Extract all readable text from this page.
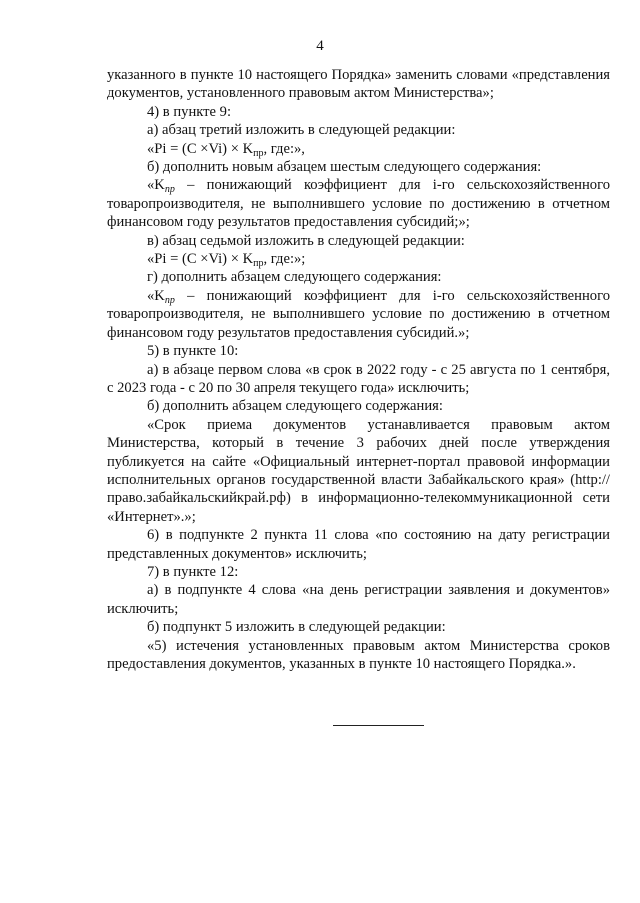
4

указанного в пункте 10 настоящего Порядка» заменить словами «представления документов, установленного правовым актом Министерства»;

4) в пункте 9:

а) абзац третий изложить в следующей редакции:

«$Pi = (C \times Vi) \times K_{пр}$, где:»,

б) дополнить новым абзацем шестым следующего содержания:

«$K_{пр}$ – понижающий коэффициент для i-го сельскохозяйственного товаропроизводителя, не выполнившего условие по достижению в отчетном финансовом году результатов предоставления субсидий;»;

в) абзац седьмой изложить в следующей редакции:

«$Pi = (C \times Vi) \times K_{пр}$, где:»;

г) дополнить абзацем следующего содержания:

«$K_{пр}$ – понижающий коэффициент для i-го сельскохозяйственного товаропроизводителя, не выполнившего условие по достижению в отчетном финансовом году результатов предоставления субсидий.»;

5) в пункте 10:

а) в абзаце первом слова «в срок в 2022 году - с 25 августа по 1 сентября, с 2023 года - с 20 по 30 апреля текущего года» исключить;

б) дополнить абзацем следующего содержания:

«Срок приема документов устанавливается правовым актом Министерства, который в течение 3 рабочих дней после утверждения публикуется на сайте «Официальный интернет-портал правовой информации исполнительных органов государственной власти Забайкальского края» (http://право.забайкальскийкрай.рф) в информационно-телекоммуникационной сети «Интернет».»;

6) в подпункте 2 пункта 11 слова «по состоянию на дату регистрации представленных документов» исключить;

7) в пункте 12:

а) в подпункте 4 слова «на день регистрации заявления и документов» исключить;

б) подпункт 5 изложить в следующей редакции:

«5) истечения установленных правовым актом Министерства сроков предоставления документов, указанных в пункте 10 настоящего Порядка.».
